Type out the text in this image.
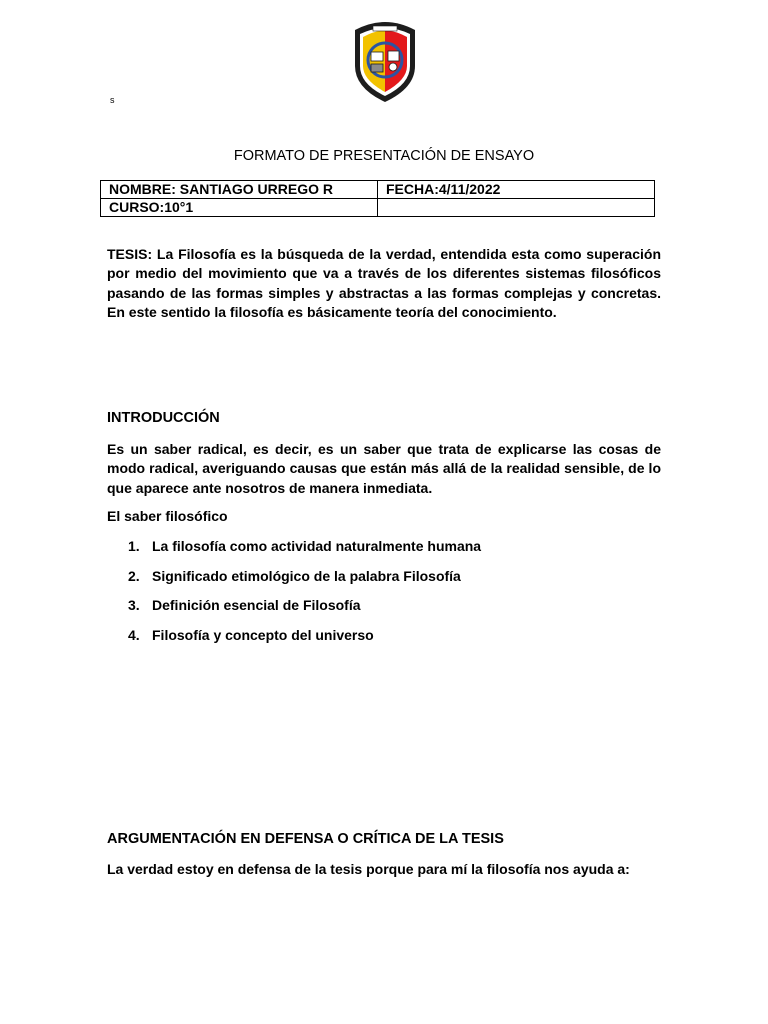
s
FORMATO DE PRESENTACIÓN DE ENSAYO
NOMBRE: SANTIAGO URREGO R	FECHA:4/11/2022
CURSO:10°1	
TESIS: La Filosofía es la búsqueda de la verdad, entendida esta como superación por medio del movimiento que va a través de los diferentes sistemas filosóficos pasando de las formas simples y abstractas a las formas complejas y concretas. En este sentido la filosofía es básicamente teoría del conocimiento.
INTRODUCCIÓN
Es un saber radical, es decir, es un saber que trata de explicarse las cosas de modo radical, averiguando causas que están más allá de la realidad sensible, de lo que aparece ante nosotros de manera inmediata.
El saber filosófico
1. La filosofía como actividad naturalmente humana
2. Significado etimológico de la palabra Filosofía
3. Definición esencial de Filosofía
4. Filosofía y concepto del universo
ARGUMENTACIÓN EN DEFENSA O CRÍTICA DE LA TESIS
La verdad estoy en defensa de la tesis porque para mí la filosofía nos ayuda a:
